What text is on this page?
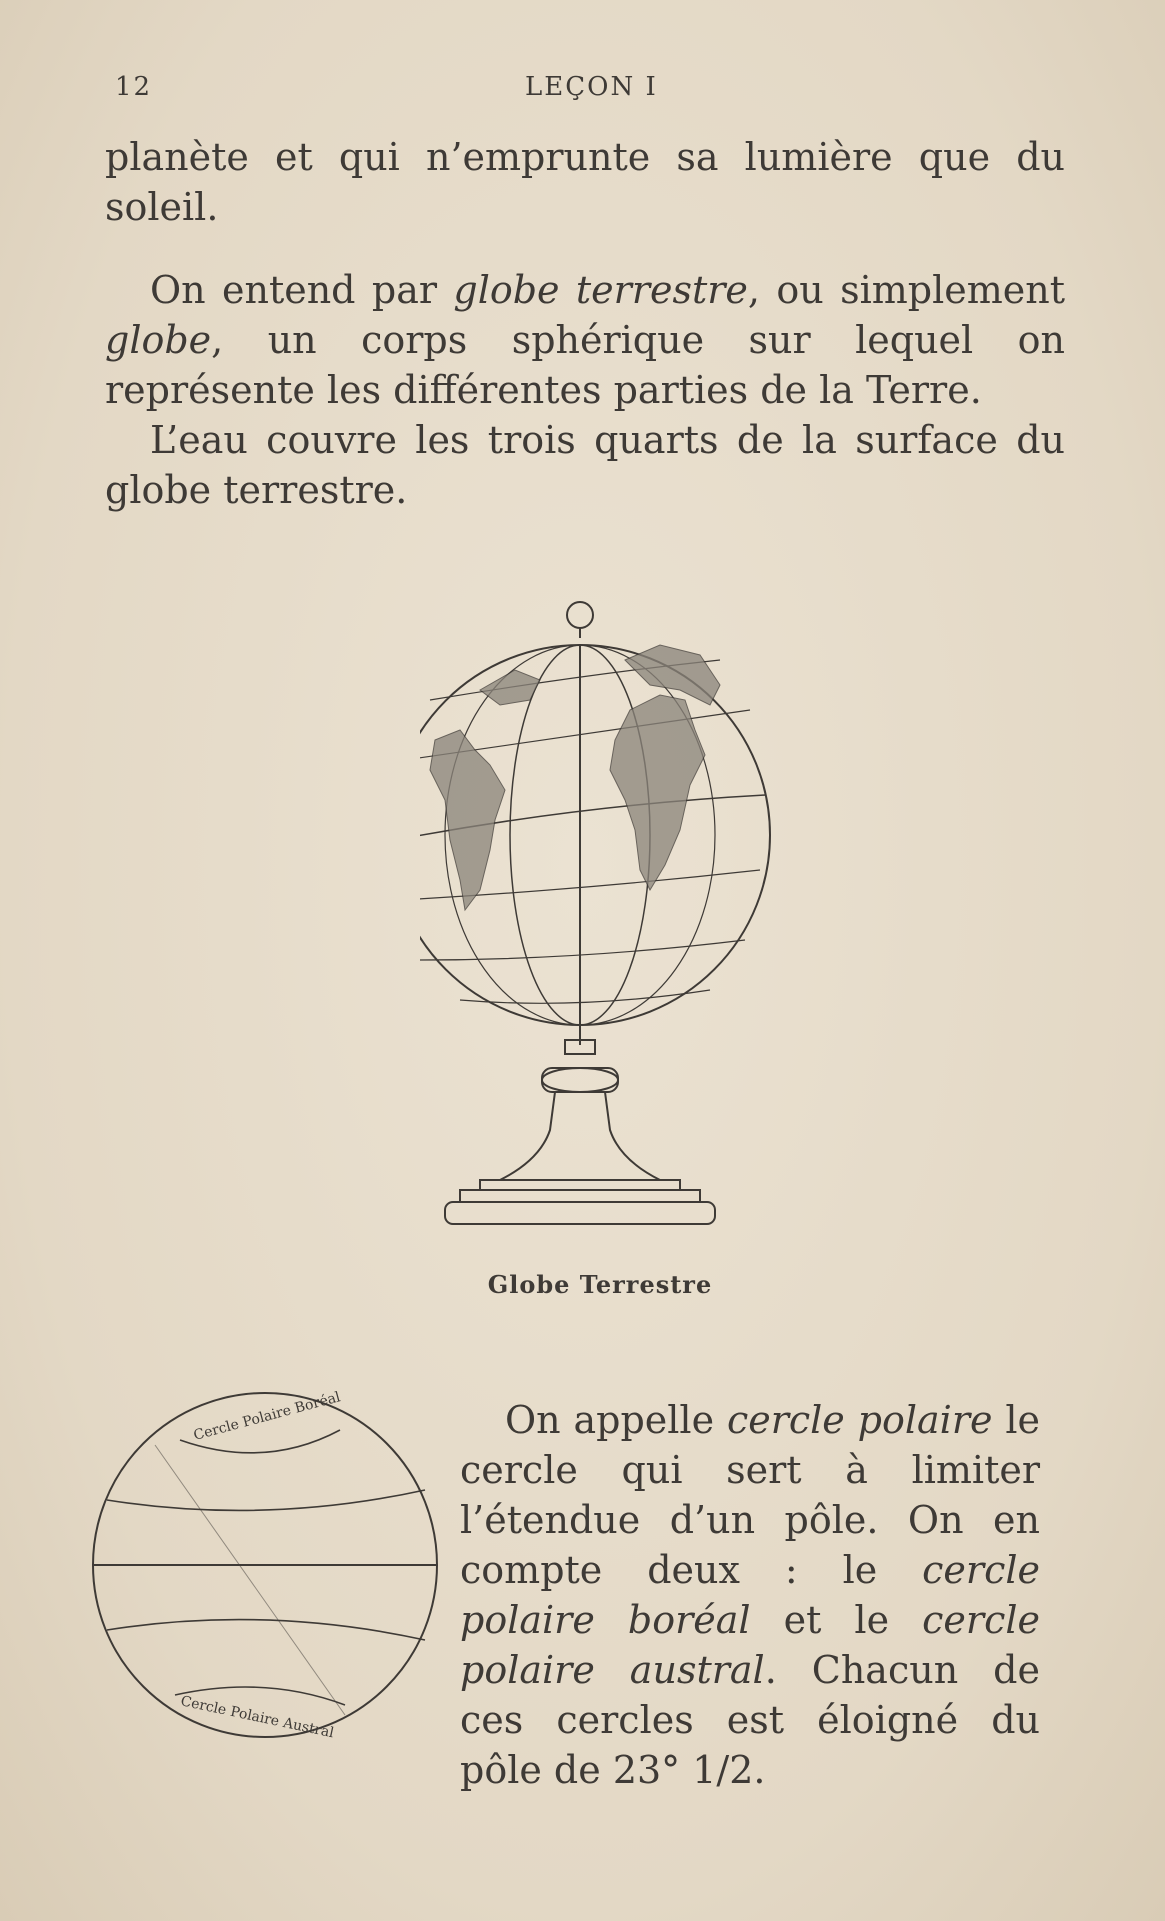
12	LEÇON I
planète et qui n’emprunte sa lumière que du soleil.
On entend par globe terrestre, ou simplement globe, un corps sphérique sur lequel on représente les différentes parties de la Terre.
L’eau couvre les trois quarts de la surface du globe terrestre.
Globe Terrestre
Cercle Polaire Boréal
Cercle Polaire Austral
On appelle cercle polaire le cercle qui sert à limiter l’étendue d’un pôle. On en compte deux : le cercle polaire boréal et le cercle polaire austral. Chacun de ces cercles est éloigné du pôle de 23° 1/2.
